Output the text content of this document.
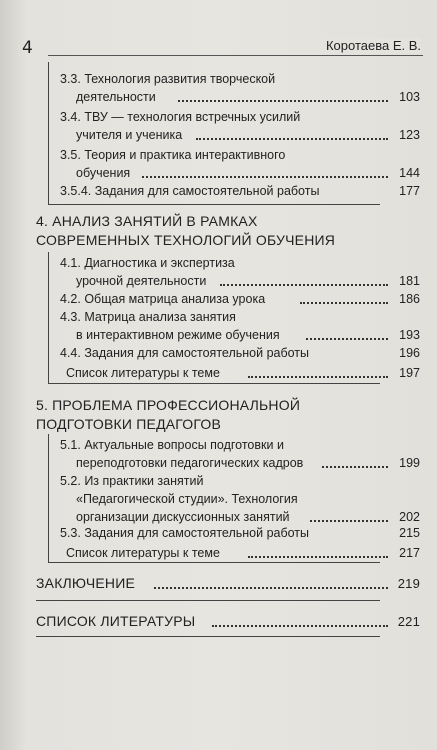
4	Коротаева Е. В.
3.3. Технология развития творческой
деятельности	103
3.4. ТВУ — технология встречных усилий
учителя и ученика	123
3.5. Теория и практика интерактивного
обучения	144
3.5.4. Задания для самостоятельной работы	177
4. АНАЛИЗ ЗАНЯТИЙ В РАМКАХ
СОВРЕМЕННЫХ ТЕХНОЛОГИЙ ОБУЧЕНИЯ
4.1. Диагностика и экспертиза
урочной деятельности	181
4.2. Общая матрица анализа урока	186
4.3. Матрица анализа занятия
в интерактивном режиме обучения	193
4.4. Задания для самостоятельной работы	196
Список литературы к теме	197
5. ПРОБЛЕМА ПРОФЕССИОНАЛЬНОЙ
ПОДГОТОВКИ ПЕДАГОГОВ
5.1. Актуальные вопросы подготовки и
переподготовки педагогических кадров	199
5.2. Из практики занятий
«Педагогической студии». Технология
организации дискуссионных занятий	202
5.3. Задания для самостоятельной работы	215
Список литературы к теме	217
ЗАКЛЮЧЕНИЕ	219
СПИСОК ЛИТЕРАТУРЫ	221
